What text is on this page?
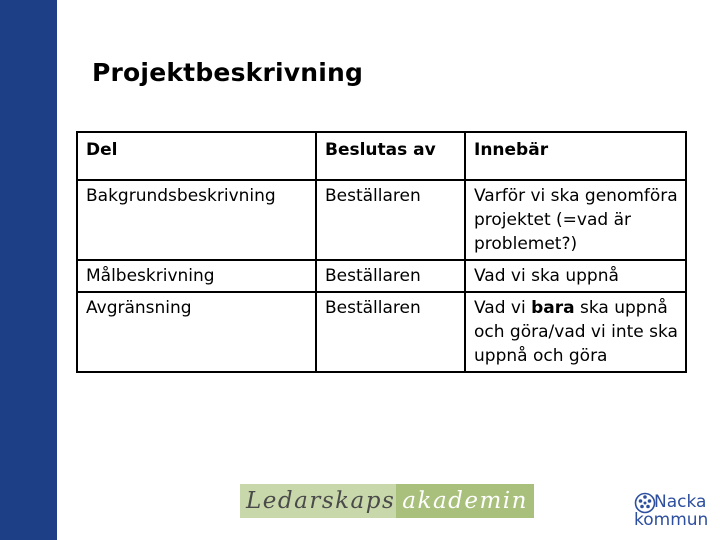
Projektbeskrivning
Del	Beslutas av	Innebär
Bakgrundsbeskrivning	Beställaren	Varför vi ska genomföra projektet (=vad är problemet?)
Målbeskrivning	Beställaren	Vad vi ska uppnå
Avgränsning	Beställaren	Vad vi bara ska uppnå och göra/vad vi inte ska uppnå och göra
Ledarskaps akademin	Nacka
kommun
